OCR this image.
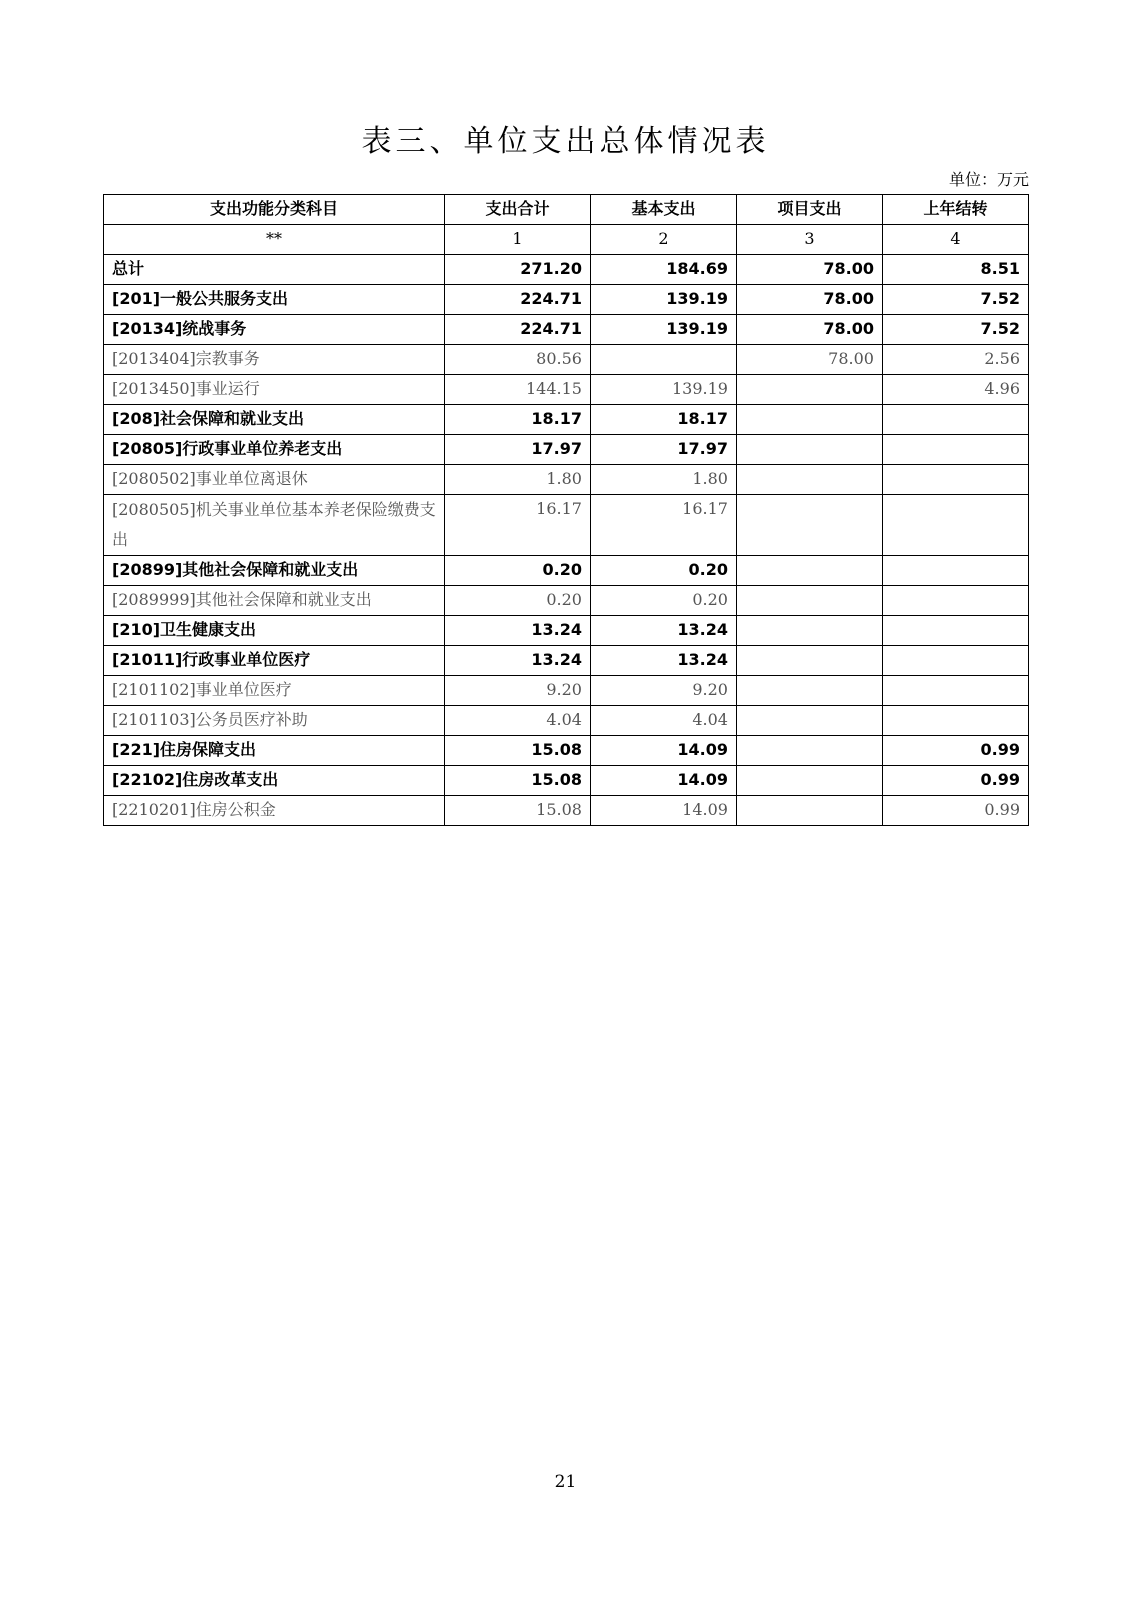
表三、单位支出总体情况表
单位：万元
支出功能分类科目	支出合计	基本支出	项目支出	上年结转
**	1	2	3	4
总计	271.20	184.69	78.00	8.51
[201]一般公共服务支出	224.71	139.19	78.00	7.52
[20134]统战事务	224.71	139.19	78.00	7.52
[2013404]宗教事务	80.56		78.00	2.56
[2013450]事业运行	144.15	139.19		4.96
[208]社会保障和就业支出	18.17	18.17		
[20805]行政事业单位养老支出	17.97	17.97		
[2080502]事业单位离退休	1.80	1.80		
[2080505]机关事业单位基本养老保险缴费支出	16.17	16.17		
[20899]其他社会保障和就业支出	0.20	0.20		
[2089999]其他社会保障和就业支出	0.20	0.20		
[210]卫生健康支出	13.24	13.24		
[21011]行政事业单位医疗	13.24	13.24		
[2101102]事业单位医疗	9.20	9.20		
[2101103]公务员医疗补助	4.04	4.04		
[221]住房保障支出	15.08	14.09		0.99
[22102]住房改革支出	15.08	14.09		0.99
[2210201]住房公积金	15.08	14.09		0.99
21
